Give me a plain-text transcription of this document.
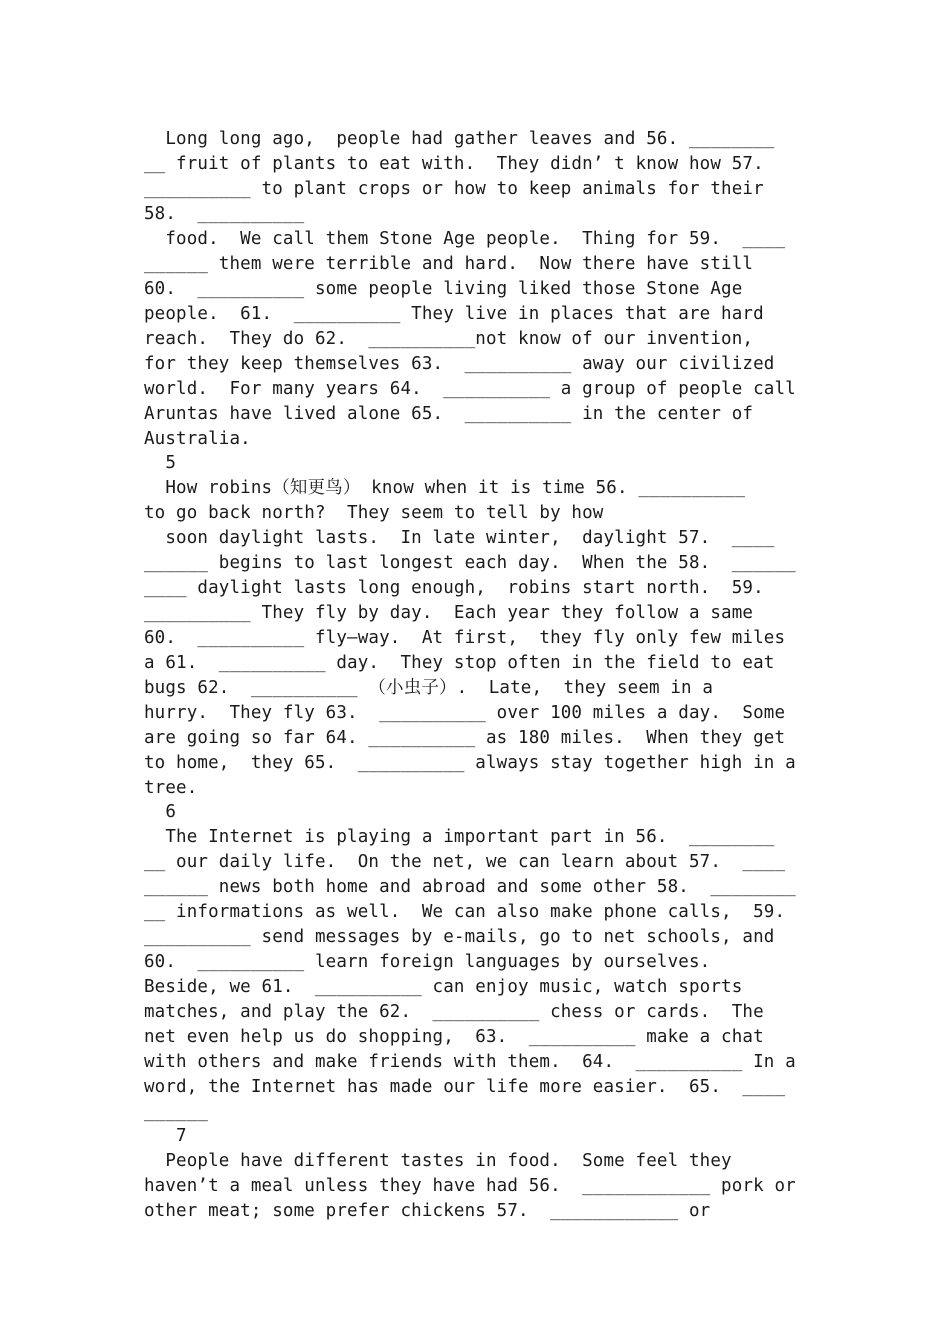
Long long ago,  people had gather leaves and 56. ________
__ fruit of plants to eat with.  They didn’ t know how 57.
__________ to plant crops or how to keep animals for their
58.  __________
food.  We call them Stone Age people.  Thing for 59.  ____
______ them were terrible and hard.  Now there have still
60.  __________ some people living liked those Stone Age
people.  61.  __________ They live in places that are hard
reach.  They do 62.  __________not know of our invention,
for they keep themselves 63.  __________ away our civilized
world.  For many years 64.  __________ a group of people call
Aruntas have lived alone 65.  __________ in the center of
Australia.
5
How robins（知更鸟） know when it is time 56. __________
to go back north?  They seem to tell by how
soon daylight lasts.  In late winter,  daylight 57.  ____
______ begins to last longest each day.  When the 58.  ______
____ daylight lasts long enough,  robins start north.  59.
__________ They fly by day.  Each year they follow a same
60.  __________ fly—way.  At first,  they fly only few miles
a 61.  __________ day.  They stop often in the field to eat
bugs 62.  __________ （小虫子）.  Late,  they seem in a
hurry.  They fly 63.  __________ over 100 miles a day.  Some
are going so far 64. __________ as 180 miles.  When they get
to home,  they 65.  __________ always stay together high in a
tree.
6
The Internet is playing a important part in 56.  ________
__ our daily life.  On the net, we can learn about 57.  ____
______ news both home and abroad and some other 58.  ________
__ informations as well.  We can also make phone calls,  59.
__________ send messages by e-mails, go to net schools, and
60.  __________ learn foreign languages by ourselves.
Beside, we 61.  __________ can enjoy music, watch sports
matches, and play the 62.  __________ chess or cards.  The
net even help us do shopping,  63.  __________ make a chat
with others and make friends with them.  64.  __________ In a
word, the Internet has made our life more easier.  65.  ____
______
7
People have different tastes in food.  Some feel they
haven’t a meal unless they have had 56.  ____________ pork or
other meat; some prefer chickens 57.  ____________ or
